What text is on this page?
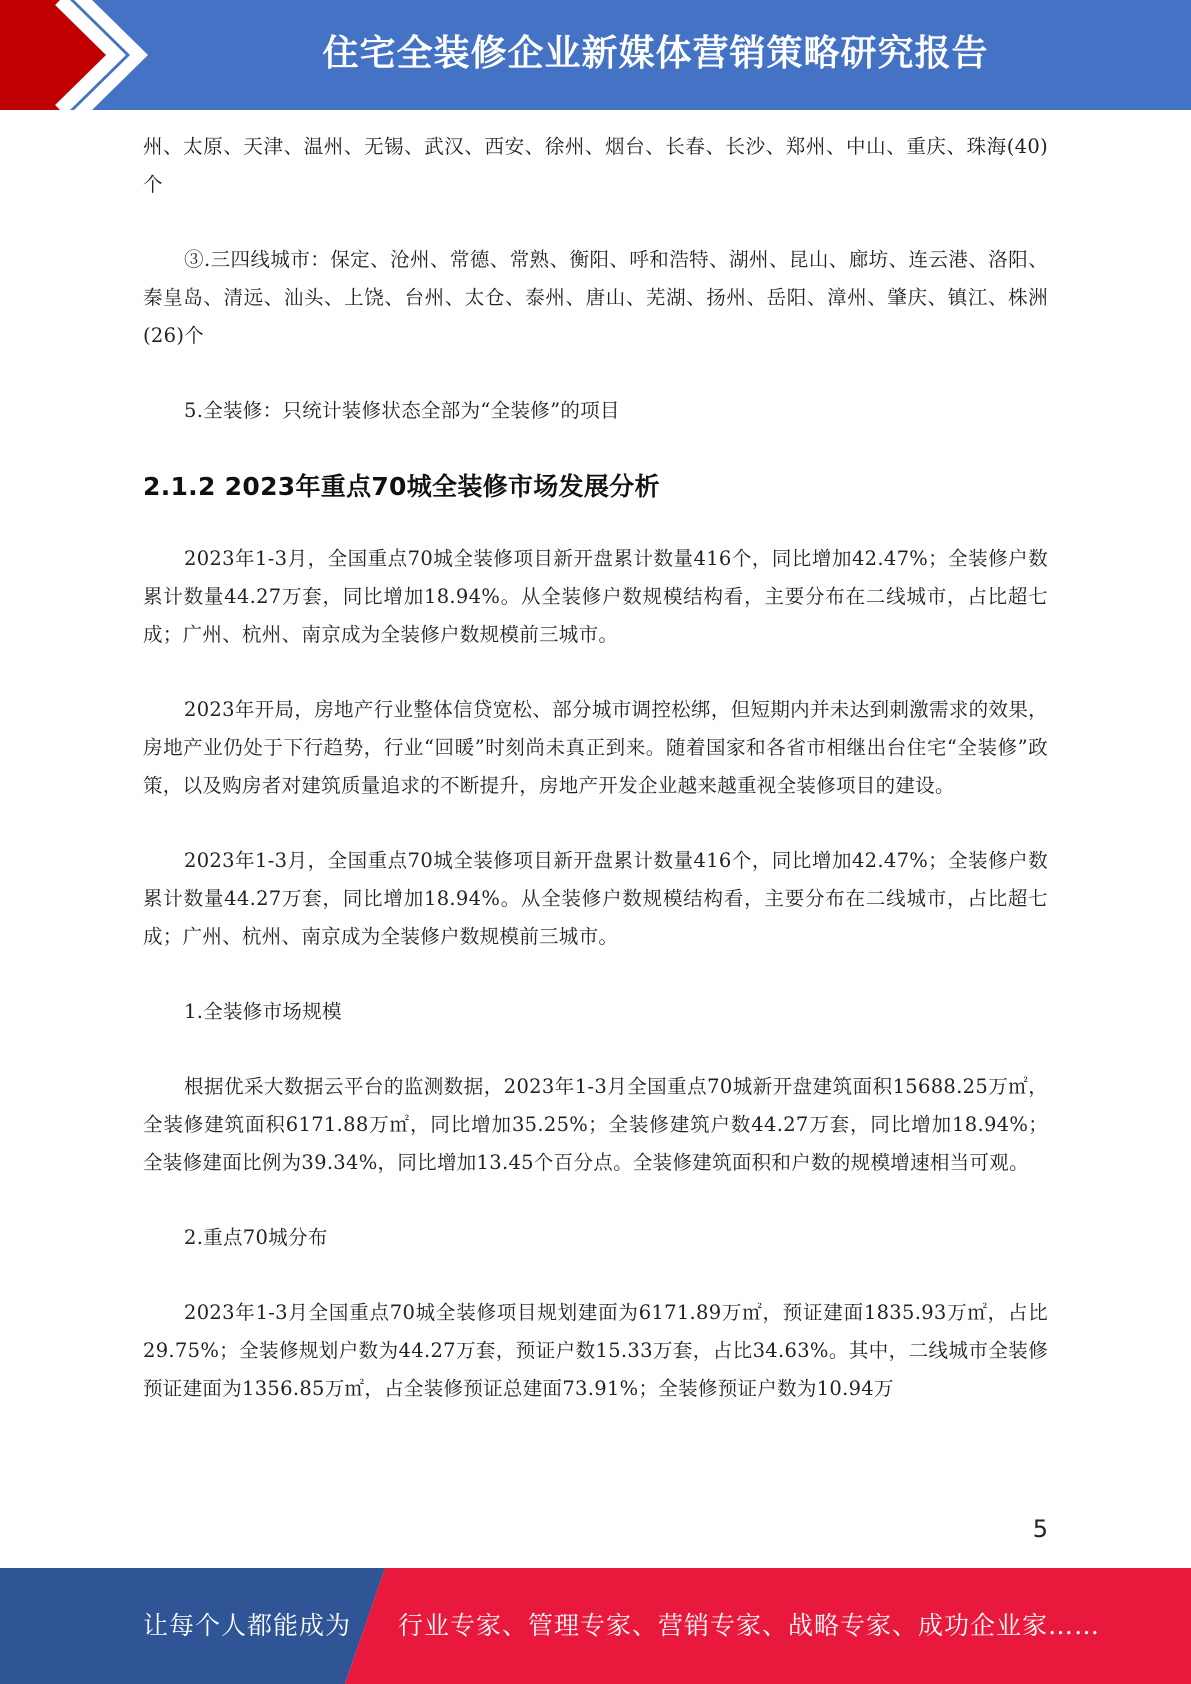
住宅全装修企业新媒体营销策略研究报告

州、太原、天津、温州、无锡、武汉、西安、徐州、烟台、长春、长沙、郑州、中山、重庆、珠海(40)个

③.三四线城市：保定、沧州、常德、常熟、衡阳、呼和浩特、湖州、昆山、廊坊、连云港、洛阳、秦皇岛、清远、汕头、上饶、台州、太仓、泰州、唐山、芜湖、扬州、岳阳、漳州、肇庆、镇江、株洲(26)个

5.全装修：只统计装修状态全部为“全装修”的项目

2.1.2 2023年重点70城全装修市场发展分析

2023年1-3月，全国重点70城全装修项目新开盘累计数量416个，同比增加42.47%；全装修户数累计数量44.27万套，同比增加18.94%。从全装修户数规模结构看，主要分布在二线城市，占比超七成；广州、杭州、南京成为全装修户数规模前三城市。

2023年开局，房地产行业整体信贷宽松、部分城市调控松绑，但短期内并未达到刺激需求的效果，房地产业仍处于下行趋势，行业“回暖”时刻尚未真正到来。随着国家和各省市相继出台住宅“全装修”政策，以及购房者对建筑质量追求的不断提升，房地产开发企业越来越重视全装修项目的建设。

2023年1-3月，全国重点70城全装修项目新开盘累计数量416个，同比增加42.47%；全装修户数累计数量44.27万套，同比增加18.94%。从全装修户数规模结构看，主要分布在二线城市，占比超七成；广州、杭州、南京成为全装修户数规模前三城市。

1.全装修市场规模

根据优采大数据云平台的监测数据，2023年1-3月全国重点70城新开盘建筑面积15688.25万㎡，全装修建筑面积6171.88万㎡，同比增加35.25%；全装修建筑户数44.27万套，同比增加18.94%；全装修建面比例为39.34%，同比增加13.45个百分点。全装修建筑面积和户数的规模增速相当可观。

2.重点70城分布

2023年1-3月全国重点70城全装修项目规划建面为6171.89万㎡，预证建面1835.93万㎡，占比29.75%；全装修规划户数为44.27万套，预证户数15.33万套，占比34.63%。其中，二线城市全装修预证建面为1356.85万㎡，占全装修预证总建面73.91%；全装修预证户数为10.94万

5
让每个人都能成为 行业专家、管理专家、营销专家、战略专家、成功企业家……
